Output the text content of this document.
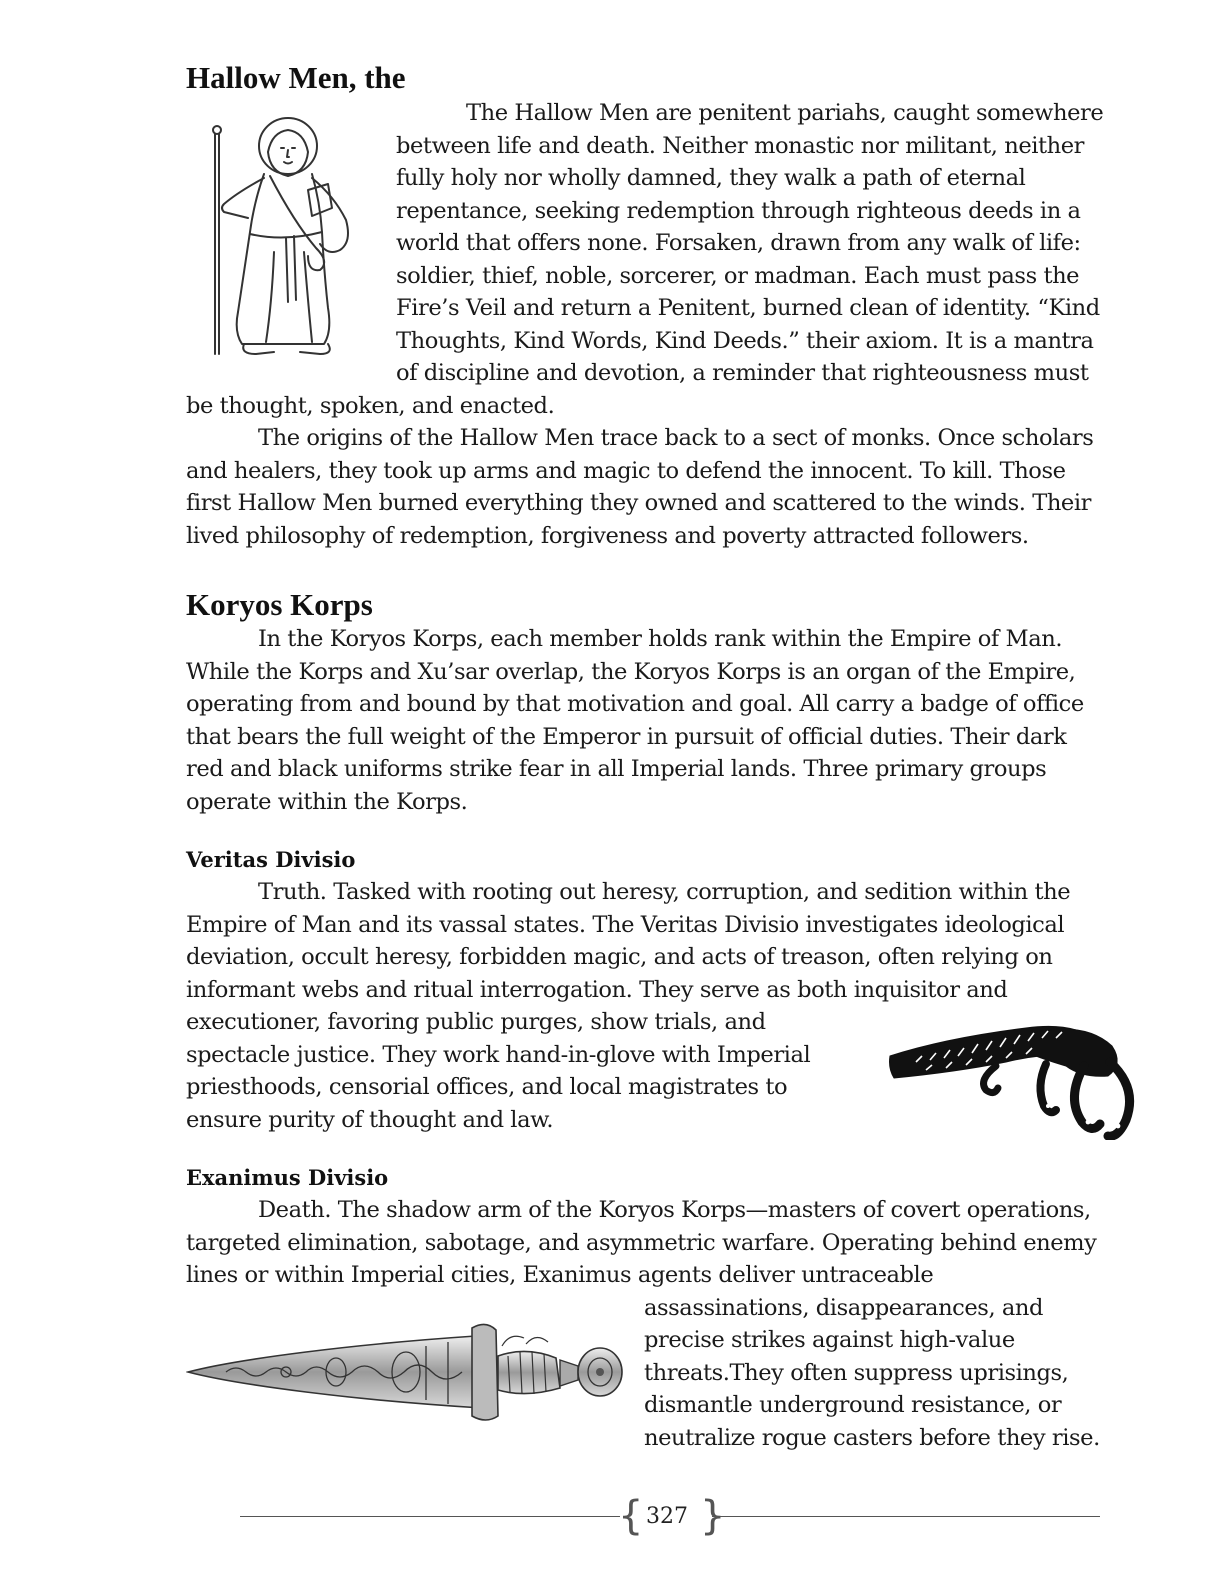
Hallow Men, the
The Hallow Men are penitent pariahs, caught somewhere
between life and death. Neither monastic nor militant, neither
fully holy nor wholly damned, they walk a path of eternal
repentance, seeking redemption through righteous deeds in a
world that offers none. Forsaken, drawn from any walk of life:
soldier, thief, noble, sorcerer, or madman. Each must pass the
Fire’s Veil and return a Penitent, burned clean of identity. “Kind
Thoughts, Kind Words, Kind Deeds.” their axiom. It is a mantra
of discipline and devotion, a reminder that righteousness must
be thought, spoken, and enacted.
The origins of the Hallow Men trace back to a sect of monks. Once scholars
and healers, they took up arms and magic to defend the innocent. To kill. Those
first Hallow Men burned everything they owned and scattered to the winds. Their
lived philosophy of redemption, forgiveness and poverty attracted followers.
Koryos Korps
In the Koryos Korps, each member holds rank within the Empire of Man.
While the Korps and Xu’sar overlap, the Koryos Korps is an organ of the Empire,
operating from and bound by that motivation and goal. All carry a badge of office
that bears the full weight of the Emperor in pursuit of official duties. Their dark
red and black uniforms strike fear in all Imperial lands. Three primary groups
operate within the Korps.
Veritas Divisio
Truth. Tasked with rooting out heresy, corruption, and sedition within the
Empire of Man and its vassal states. The Veritas Divisio investigates ideological
deviation, occult heresy, forbidden magic, and acts of treason, often relying on
informant webs and ritual interrogation. They serve as both inquisitor and
executioner, favoring public purges, show trials, and
spectacle justice. They work hand-in-glove with Imperial
priesthoods, censorial offices, and local magistrates to
ensure purity of thought and law.
Exanimus Divisio
Death. The shadow arm of the Koryos Korps—masters of covert operations,
targeted elimination, sabotage, and asymmetric warfare. Operating behind enemy
lines or within Imperial cities, Exanimus agents deliver untraceable
assassinations, disappearances, and
precise strikes against high-value
threats.They often suppress uprisings,
dismantle underground resistance, or
neutralize rogue casters before they rise.
{ 327 }
